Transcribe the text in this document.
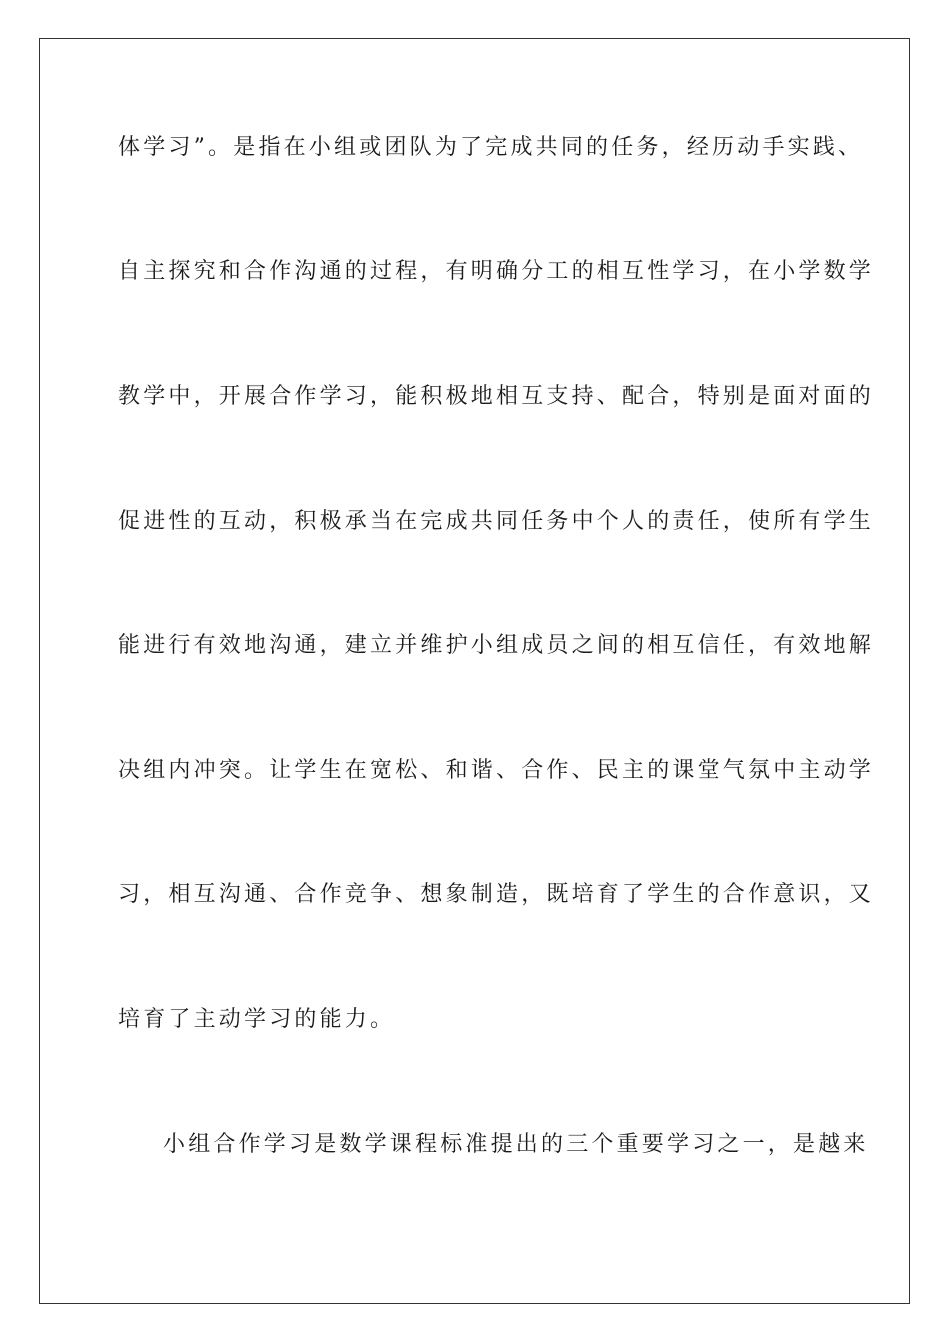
体学习”。是指在小组或团队为了完成共同的任务，经历动手实践、
自主探究和合作沟通的过程，有明确分工的相互性学习，在小学数学
教学中，开展合作学习，能积极地相互支持、配合，特别是面对面的
促进性的互动，积极承当在完成共同任务中个人的责任，使所有学生
能进行有效地沟通，建立并维护小组成员之间的相互信任，有效地解
决组内冲突。让学生在宽松、和谐、合作、民主的课堂气氛中主动学
习，相互沟通、合作竞争、想象制造，既培育了学生的合作意识，又
培育了主动学习的能力。
小组合作学习是数学课程标准提出的三个重要学习之一，是越来
